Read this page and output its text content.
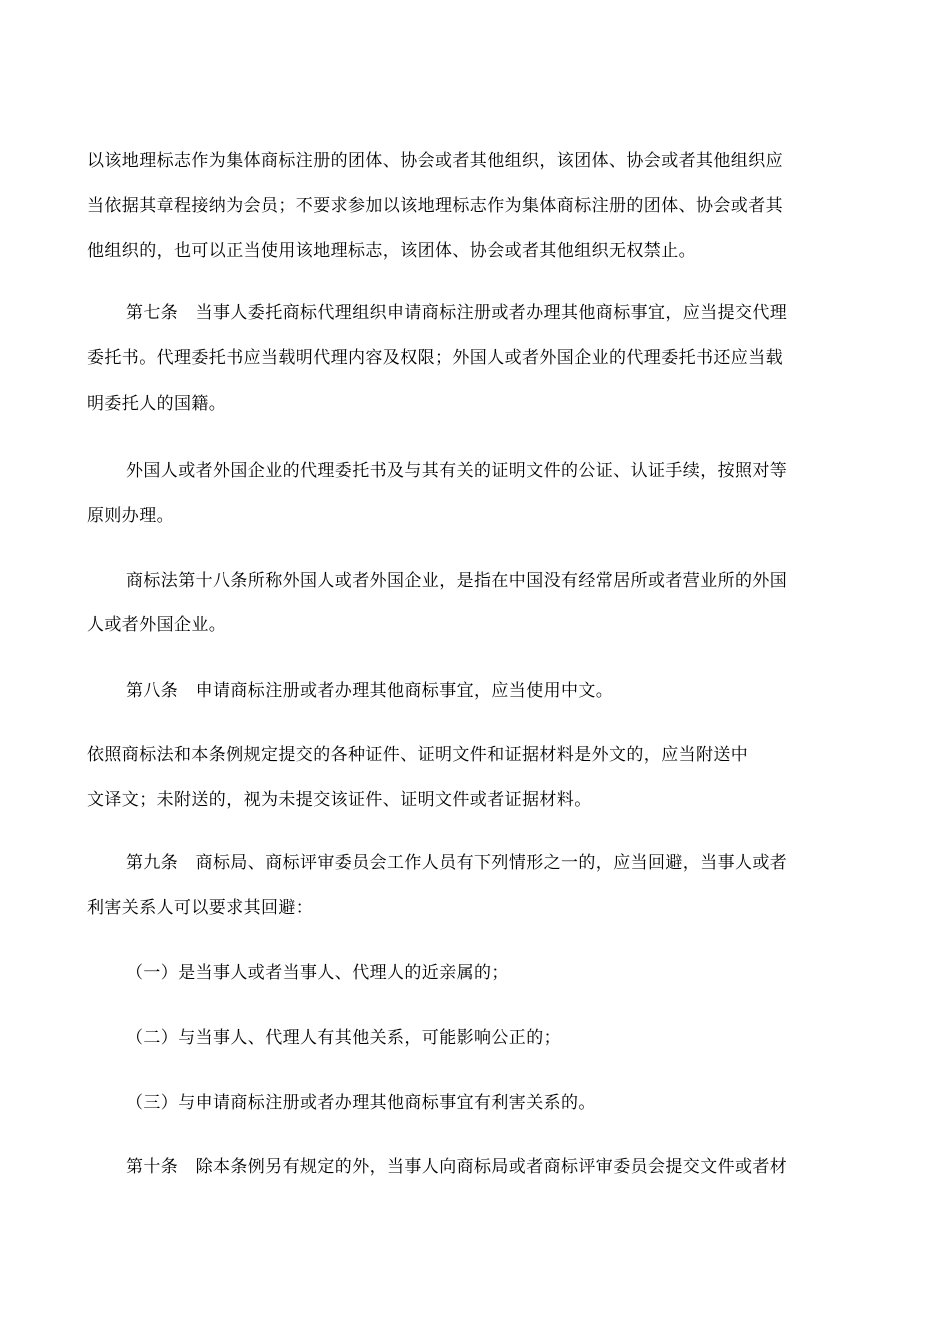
以该地理标志作为集体商标注册的团体、协会或者其他组织，该团体、协会或者其他组织应
当依据其章程接纳为会员；不要求参加以该地理标志作为集体商标注册的团体、协会或者其
他组织的，也可以正当使用该地理标志，该团体、协会或者其他组织无权禁止。
第七条　当事人委托商标代理组织申请商标注册或者办理其他商标事宜，应当提交代理
委托书。代理委托书应当载明代理内容及权限；外国人或者外国企业的代理委托书还应当载
明委托人的国籍。
外国人或者外国企业的代理委托书及与其有关的证明文件的公证、认证手续，按照对等
原则办理。
商标法第十八条所称外国人或者外国企业，是指在中国没有经常居所或者营业所的外国
人或者外国企业。
第八条　申请商标注册或者办理其他商标事宜，应当使用中文。
依照商标法和本条例规定提交的各种证件、证明文件和证据材料是外文的，应当附送中
文译文；未附送的，视为未提交该证件、证明文件或者证据材料。
第九条　商标局、商标评审委员会工作人员有下列情形之一的，应当回避，当事人或者
利害关系人可以要求其回避：
（一）是当事人或者当事人、代理人的近亲属的；
（二）与当事人、代理人有其他关系，可能影响公正的；
（三）与申请商标注册或者办理其他商标事宜有利害关系的。
第十条　除本条例另有规定的外，当事人向商标局或者商标评审委员会提交文件或者材
